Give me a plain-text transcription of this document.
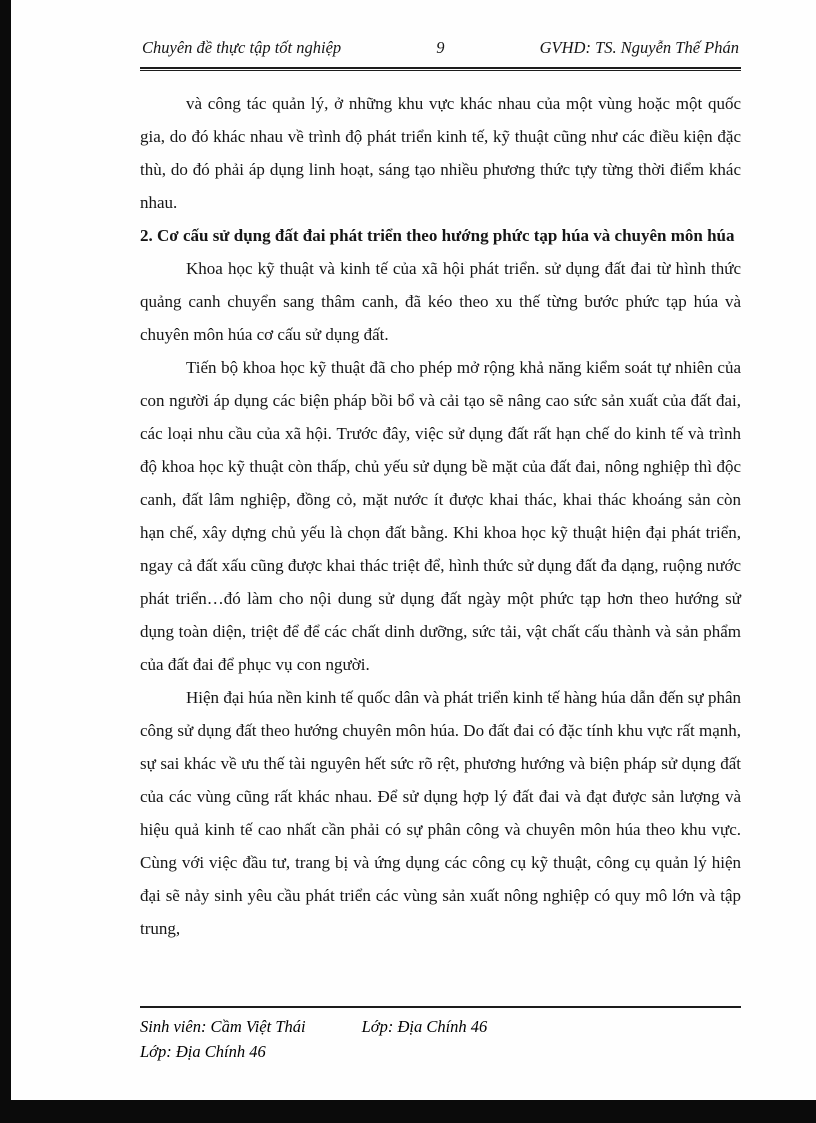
Chuyên đề thực tập tốt nghiệp	9	GVHD: TS. Nguyễn Thế Phán

và công tác quản lý, ở những khu vực khác nhau của một vùng hoặc một quốc gia, do đó khác nhau về trình độ phát triển kinh tế, kỹ thuật cũng như các điều kiện đặc thù, do đó phải áp dụng linh hoạt, sáng tạo nhiều phương thức tựy từng thời điểm khác nhau.

2. Cơ cấu sử dụng đất đai phát triển theo hướng phức tạp húa và chuyên môn húa

Khoa học kỹ thuật và kinh tế của xã hội phát triển. sử dụng đất đai từ hình thức quảng canh chuyển sang thâm canh, đã kéo theo xu thế từng bước phức tạp húa và chuyên môn húa cơ cấu sử dụng đất.

Tiến bộ khoa học kỹ thuật đã cho phép mở rộng khả năng kiểm soát tự nhiên của con người áp dụng các biện pháp bồi bổ và cải tạo sẽ nâng cao sức sản xuất của đất đai, các loại nhu cầu của xã hội. Trước đây, việc sử dụng đất rất hạn chế do kinh tế và trình độ khoa học kỹ thuật còn thấp, chủ yếu sử dụng bề mặt của đất đai, nông nghiệp thì độc canh, đất lâm nghiệp, đồng cỏ, mặt nước ít được khai thác, khai thác khoáng sản còn hạn chế, xây dựng chủ yếu là chọn đất bằng. Khi khoa học kỹ thuật hiện đại phát triển, ngay cả đất xấu cũng được khai thác triệt để, hình thức sử dụng đất đa dạng, ruộng nước phát triển…đó làm cho nội dung sử dụng đất ngày một phức tạp hơn theo hướng sử dụng toàn diện, triệt để để các chất dinh dưỡng, sức tải, vật chất cấu thành và sản phẩm của đất đai để phục vụ con người.

Hiện đại húa nền kinh tế quốc dân và phát triển kinh tế hàng húa dẫn đến sự phân công sử dụng đất theo hướng chuyên môn húa. Do đất đai có đặc tính khu vực rất mạnh, sự sai khác về ưu thế tài nguyên hết sức rõ rệt, phương hướng và biện pháp sử dụng đất của các vùng cũng rất khác nhau. Để sử dụng hợp lý đất đai và đạt được sản lượng và hiệu quả kinh tế cao nhất cần phải có sự phân công và chuyên môn húa theo khu vực. Cùng với việc đầu tư, trang bị và ứng dụng các công cụ kỹ thuật, công cụ quản lý hiện đại sẽ nảy sinh yêu cầu phát triển các vùng sản xuất nông nghiệp có quy mô lớn và tập trung,

Sinh viên: Cầm Việt Thái	Lớp: Địa Chính 46
Lớp: Địa Chính 46
